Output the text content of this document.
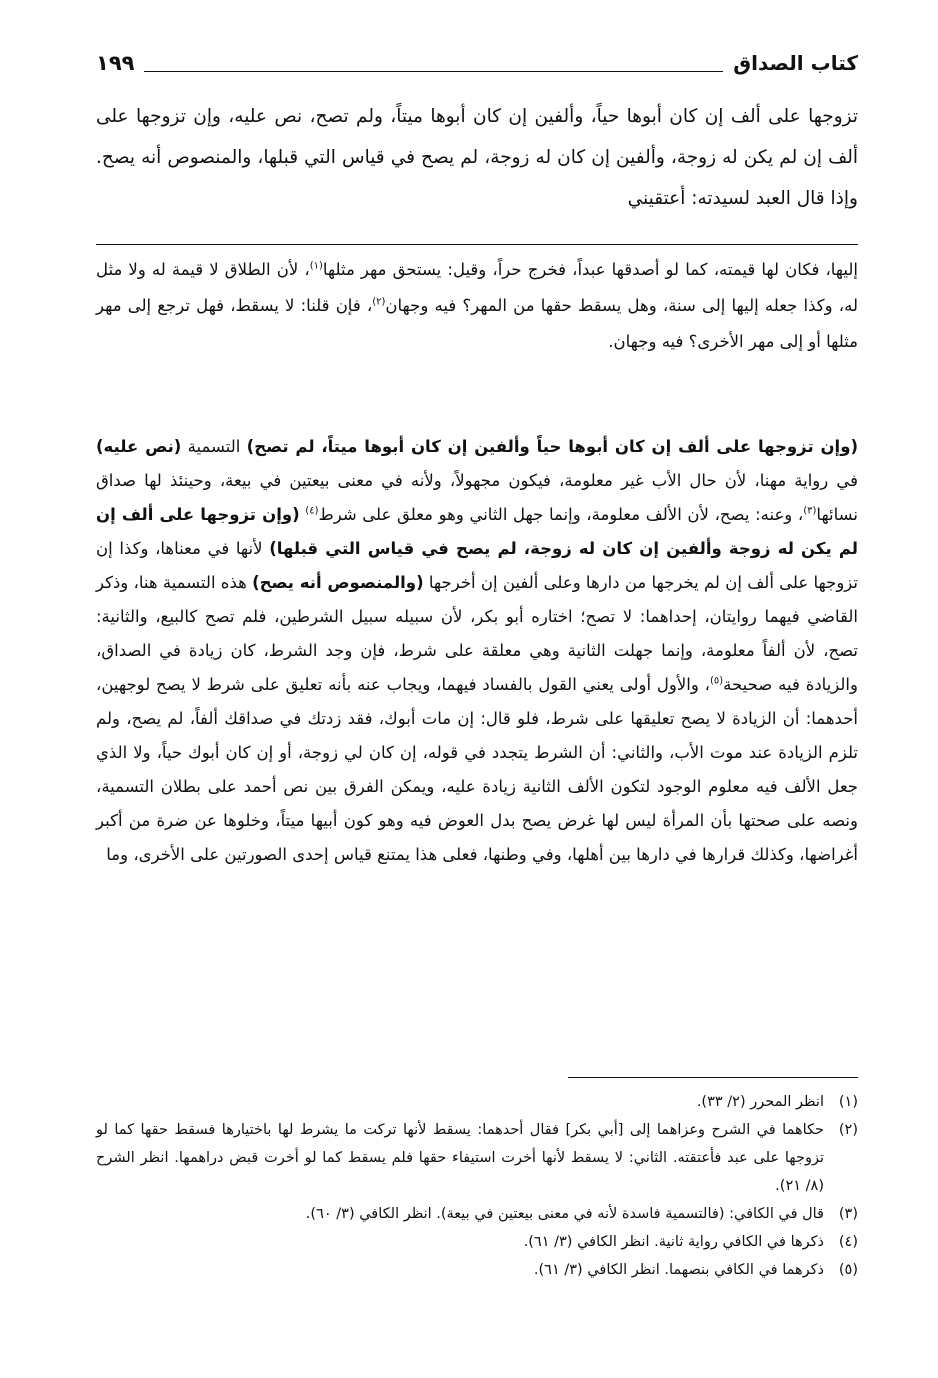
كتاب الصداق
١٩٩

تزوجها على ألف إن كان أبوها حياً، وألفين إن كان أبوها ميتاً، ولم تصح، نص عليه، وإن تزوجها على ألف إن لم يكن له زوجة، وألفين إن كان له زوجة، لم يصح في قياس التي قبلها، والمنصوص أنه يصح. وإذا قال العبد لسيدته: أعتقيني

إليها، فكان لها قيمته، كما لو أصدقها عبداً، فخرج حراً، وقيل: يستحق مهر مثلها$^{(١)}$، لأن الطلاق لا قيمة له ولا مثل له، وكذا جعله إليها إلى سنة، وهل يسقط حقها من المهر؟ فيه وجهان$^{(٢)}$، فإن قلنا: لا يسقط، فهل ترجع إلى مهر مثلها أو إلى مهر الأخرى؟ فيه وجهان.

(وإن تزوجها على ألف إن كان أبوها حياً وألفين إن كان أبوها ميتاً، لم تصح) التسمية (نص عليه) في رواية مهنا، لأن حال الأب غير معلومة، فيكون مجهولاً، ولأنه في معنى بيعتين في بيعة، وحينئذ لها صداق نسائها$^{(٣)}$، وعنه: يصح، لأن الألف معلومة، وإنما جهل الثاني وهو معلق على شرط$^{(٤)}$ (وإن تزوجها على ألف إن لم يكن له زوجة وألفين إن كان له زوجة، لم يصح في قياس التي قبلها) لأنها في معناها، وكذا إن تزوجها على ألف إن لم يخرجها من دارها وعلى ألفين إن أخرجها (والمنصوص أنه يصح) هذه التسمية هنا، وذكر القاضي فيهما روايتان، إحداهما: لا تصح؛ اختاره أبو بكر، لأن سبيله سبيل الشرطين، فلم تصح كالبيع، والثانية: تصح، لأن ألفاً معلومة، وإنما جهلت الثانية وهي معلقة على شرط، فإن وجد الشرط، كان زيادة في الصداق، والزيادة فيه صحيحة$^{(٥)}$، والأول أولى يعني القول بالفساد فيهما، ويجاب عنه بأنه تعليق على شرط لا يصح لوجهين، أحدهما: أن الزيادة لا يصح تعليقها على شرط، فلو قال: إن مات أبوك، فقد زدتك في صداقك ألفاً، لم يصح، ولم تلزم الزيادة عند موت الأب، والثاني: أن الشرط يتجدد في قوله، إن كان لي زوجة، أو إن كان أبوك حياً، ولا الذي جعل الألف فيه معلوم الوجود لتكون الألف الثانية زيادة عليه، ويمكن الفرق بين نص أحمد على بطلان التسمية، ونصه على صحتها بأن المرأة ليس لها غرض يصح بدل العوض فيه وهو كون أبيها ميتاً، وخلوها عن ضرة من أكبر أغراضها، وكذلك قرارها في دارها بين أهلها، وفي وطنها، فعلى هذا يمتنع قياس إحدى الصورتين على الأخرى، وما

(١)
انظر المحرر (٢/ ٣٣).
(٢)
حكاهما في الشرح وعزاهما إلى [أبي بكر] فقال أحدهما: يسقط لأنها تركت ما يشرط لها باختيارها فسقط حقها كما لو تزوجها على عبد فأعتقته. الثاني: لا يسقط لأنها أخرت استيفاء حقها فلم يسقط كما لو أخرت قبض دراهمها. انظر الشرح (٨/ ٢١).
(٣)
قال في الكافي: (فالتسمية فاسدة لأنه في معنى بيعتين في بيعة). انظر الكافي (٣/ ٦٠).
(٤)
ذكرها في الكافي رواية ثانية. انظر الكافي (٣/ ٦١).
(٥)
ذكرهما في الكافي بنصهما. انظر الكافي (٣/ ٦١).
